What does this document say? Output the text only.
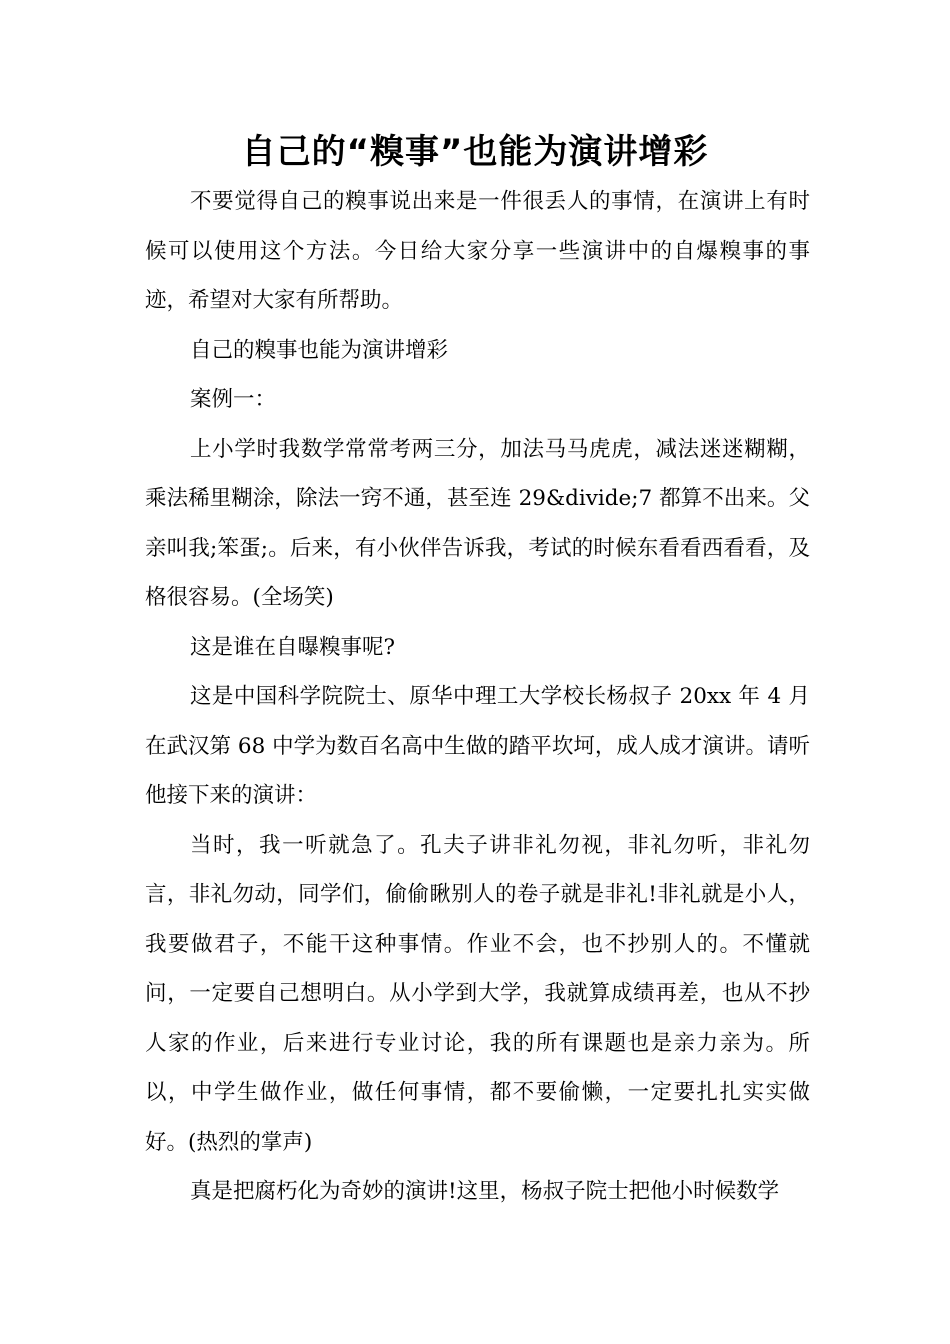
自己的“糗事”也能为演讲增彩

不要觉得自己的糗事说出来是一件很丢人的事情，在演讲上有时候可以使用这个方法。今日给大家分享一些演讲中的自爆糗事的事迹，希望对大家有所帮助。

自己的糗事也能为演讲增彩

案例一：

上小学时我数学常常考两三分，加法马马虎虎，减法迷迷糊糊，乘法稀里糊涂，除法一窍不通，甚至连 29&divide;7 都算不出来。父亲叫我;笨蛋;。后来，有小伙伴告诉我，考试的时候东看看西看看，及格很容易。(全场笑)

这是谁在自曝糗事呢?

这是中国科学院院士、原华中理工大学校长杨叔子 20xx 年 4 月在武汉第 68 中学为数百名高中生做的踏平坎坷，成人成才演讲。请听他接下来的演讲：

当时，我一听就急了。孔夫子讲非礼勿视，非礼勿听，非礼勿言，非礼勿动，同学们，偷偷瞅别人的卷子就是非礼!非礼就是小人，我要做君子，不能干这种事情。作业不会，也不抄别人的。不懂就问，一定要自己想明白。从小学到大学，我就算成绩再差，也从不抄人家的作业，后来进行专业讨论，我的所有课题也是亲力亲为。所以，中学生做作业，做任何事情，都不要偷懒，一定要扎扎实实做好。(热烈的掌声)

真是把腐朽化为奇妙的演讲!这里，杨叔子院士把他小时候数学
